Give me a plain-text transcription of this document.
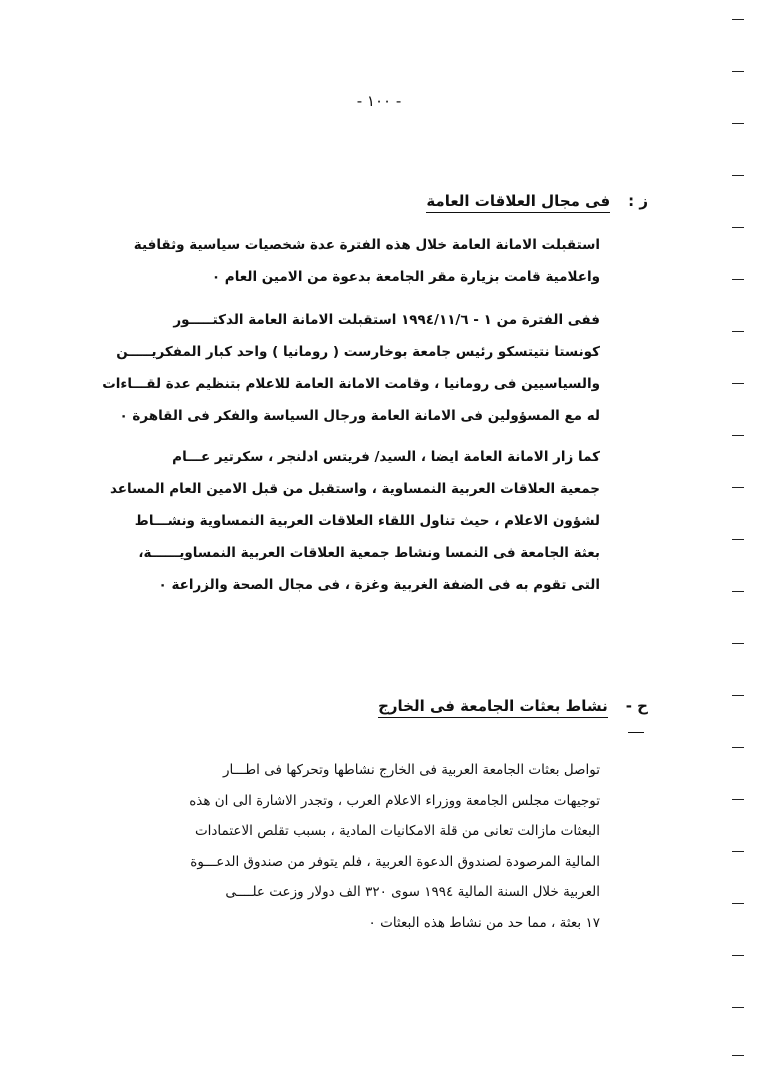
- ١٠٠ -
ز :فى مجال العلاقات العامة
استقبلت الامانة العامة خلال هذه الفترة عدة شخصيات سياسية وثقافية
واعلامية قامت بزيارة مقر الجامعة بدعوة من الامين العام ٠
ففى الفترة من ١ - ١٩٩٤/١١/٦ استقبلت الامانة العامة الدكتـــــور
كونستا نتيتسكو رئيس جامعة بوخارست ( رومانيا ) واحد كبار المفكريـــــن
والسياسيين فى رومانيا ، وقامت الامانة العامة للاعلام بتنظيم عدة لقـــاءات
له مع المسؤولين فى الامانة العامة ورجال السياسة والفكر فى القاهرة ٠
كما زار الامانة العامة ايضا ، السيد/ فريتس ادلنجر ، سكرتير عـــام
جمعية العلاقات العربية النمساوية ، واستقبل من قبل الامين العام المساعد
لشؤون الاعلام ، حيث تناول اللقاء العلاقات العربية النمساوية ونشـــاط
بعثة الجامعة فى النمسا ونشاط جمعية العلاقات العربية النمساويــــــة،
التى تقوم به فى الضفة الغربية وغزة ، فى مجال الصحة والزراعة ٠
ح -نشاط بعثات الجامعة فى الخارج
تواصل بعثات الجامعة العربية فى الخارج نشاطها وتحركها فى اطـــار
توجيهات مجلس الجامعة ووزراء الاعلام العرب ، وتجدر الاشارة الى ان هذه
البعثات مازالت تعانى من قلة الامكانيات المادية ، بسبب تقلص الاعتمادات
المالية المرصودة لصندوق الدعوة العربية ، فلم يتوفر من صندوق الدعـــوة
العربية خلال السنة المالية ١٩٩٤ سوى ٣٢٠ الف دولار وزعت علــــى
١٧ بعثة ، مما حد من نشاط هذه البعثات ٠
